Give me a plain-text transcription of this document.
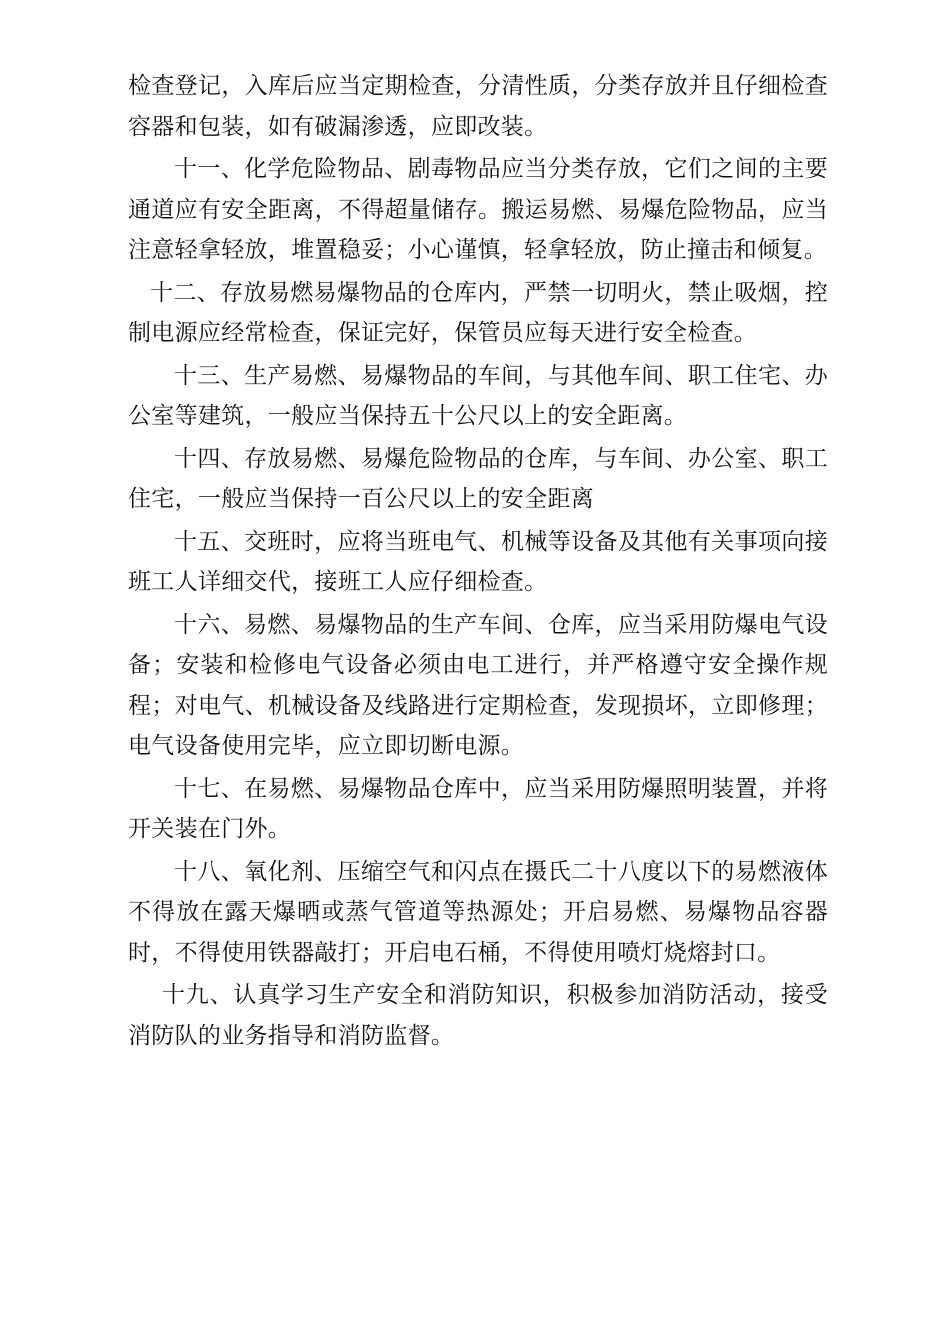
检查登记，入库后应当定期检查，分清性质，分类存放并且仔细检查容器和包装，如有破漏渗透，应即改装。

十一、化学危险物品、剧毒物品应当分类存放，它们之间的主要通道应有安全距离，不得超量储存。搬运易燃、易爆危险物品，应当注意轻拿轻放，堆置稳妥；小心谨慎，轻拿轻放，防止撞击和倾复。

十二、存放易燃易爆物品的仓库内，严禁一切明火，禁止吸烟，控制电源应经常检查，保证完好，保管员应每天进行安全检查。

十三、生产易燃、易爆物品的车间，与其他车间、职工住宅、办公室等建筑，一般应当保持五十公尺以上的安全距离。

十四、存放易燃、易爆危险物品的仓库，与车间、办公室、职工住宅，一般应当保持一百公尺以上的安全距离

十五、交班时，应将当班电气、机械等设备及其他有关事项向接班工人详细交代，接班工人应仔细检查。

十六、易燃、易爆物品的生产车间、仓库，应当采用防爆电气设备；安装和检修电气设备必须由电工进行，并严格遵守安全操作规程；对电气、机械设备及线路进行定期检查，发现损坏，立即修理；电气设备使用完毕，应立即切断电源。

十七、在易燃、易爆物品仓库中，应当采用防爆照明装置，并将开关装在门外。

十八、氧化剂、压缩空气和闪点在摄氏二十八度以下的易燃液体不得放在露天爆晒或蒸气管道等热源处；开启易燃、易爆物品容器时，不得使用铁器敲打；开启电石桶，不得使用喷灯烧熔封口。

十九、认真学习生产安全和消防知识，积极参加消防活动，接受消防队的业务指导和消防监督。
